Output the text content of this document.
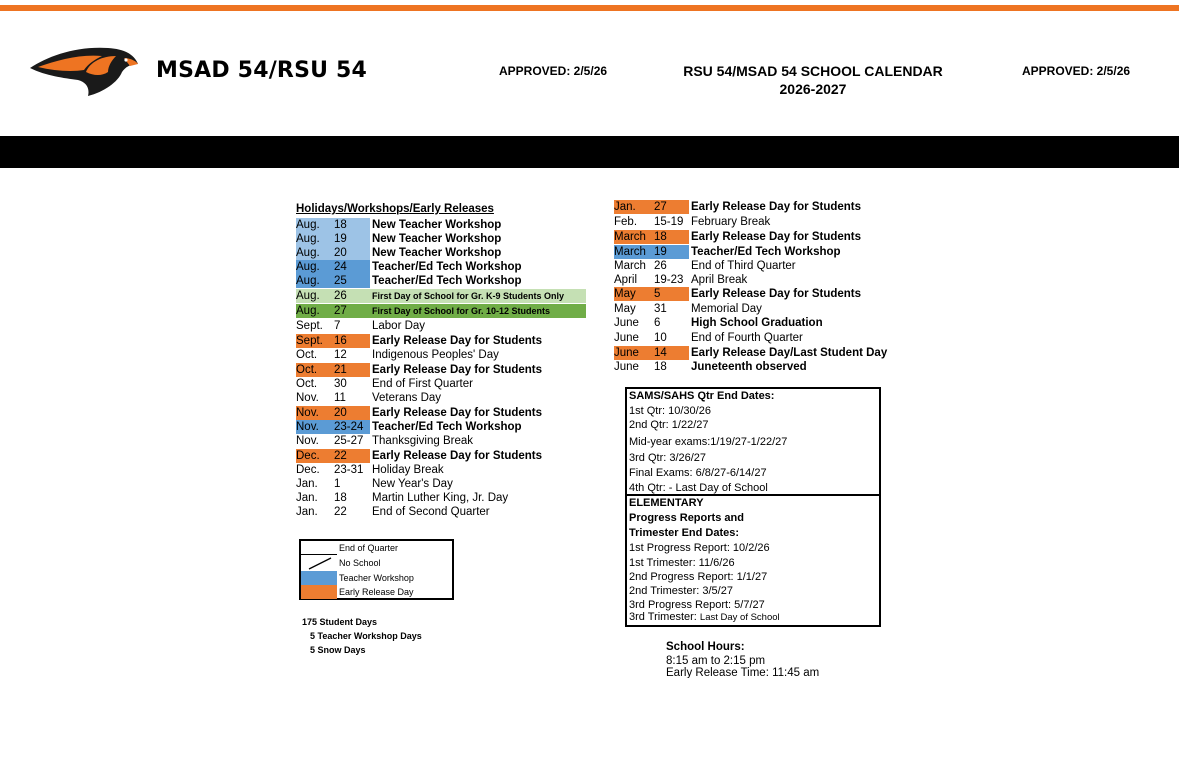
MSAD 54/RSU 54	APPROVED: 2/5/26	RSU 54/MSAD 54 SCHOOL CALENDAR
2026-2027
APPROVED: 2/5/26
Holidays/Workshops/Early Releases
Aug. 18 New Teacher Workshop
Aug. 19 New Teacher Workshop
Aug. 20 New Teacher Workshop
Aug. 24 Teacher/Ed Tech Workshop
Aug. 25 Teacher/Ed Tech Workshop
Aug. 26	First Day of School for Gr. K-9 Students Only
Aug. 27	First Day of School for Gr. 10-12 Students
Sept. 7	Labor Day
Sept. 16 Early Release Day for Students
Oct. 12 Indigenous Peoples' Day
Oct. 21 Early Release Day for Students
Oct. 30 End of First Quarter
Nov. 11 Veterans Day
Nov. 20 Early Release Day for Students
Nov. 23-24 Teacher/Ed Tech Workshop
Nov. 25-27 Thanksgiving Break
Dec. 22 Early Release Day for Students
Dec. 23-31 Holiday Break
Jan. 1	New Year's Day
Jan. 18 Martin Luther King, Jr. Day
Jan. 22 End of Second Quarter
Jan. 27 Early Release Day for Students
Feb. 15-19 February Break
March 18 Early Release Day for Students
March 19 Teacher/Ed Tech Workshop
March 26 End of Third Quarter
April 19-23 April Break
May 5	Early Release Day for Students
May 31 Memorial Day
June 6	High School Graduation
June 10 End of Fourth Quarter
June 14 Early Release Day/Last Student Day
June 18 Juneteenth observed
End of Quarter
No School
Teacher Workshop
Early Release Day
175 Student Days
5 Teacher Workshop Days
5 Snow Days
SAMS/SAHS Qtr End Dates:
1st Qtr: 10/30/26
2nd Qtr: 1/22/27
Mid-year exams:1/19/27-1/22/27
3rd Qtr: 3/26/27
Final Exams: 6/8/27-6/14/27
4th Qtr: - Last Day of School
ELEMENTARY
Progress Reports and
Trimester End Dates:
1st Progress Report: 10/2/26
1st Trimester: 11/6/26
2nd Progress Report: 1/1/27
2nd Trimester: 3/5/27
3rd Progress Report: 5/7/27
3rd Trimester: Last Day of School
School Hours:
8:15 am to 2:15 pm
Early Release Time: 11:45 am
